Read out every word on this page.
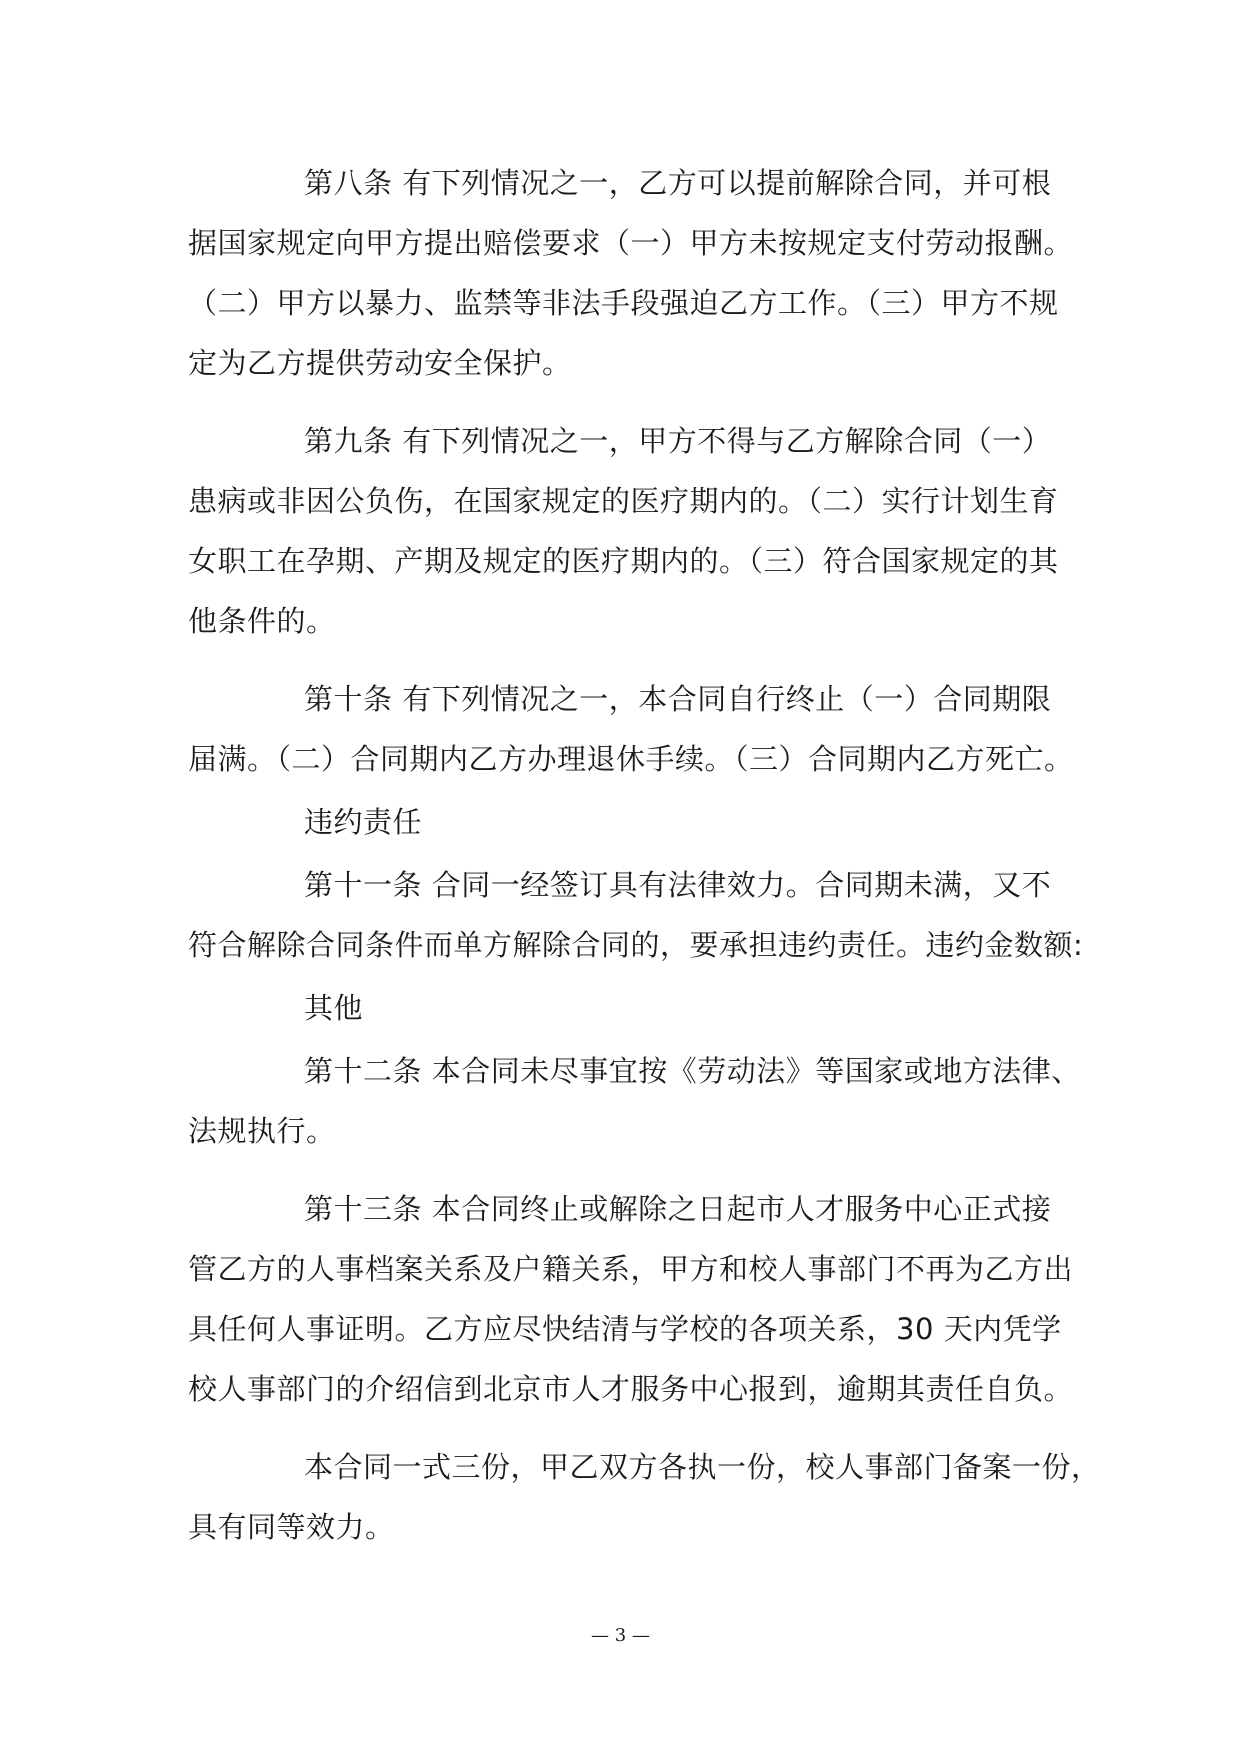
第八条 有下列情况之一，乙方可以提前解除合同，并可根
据国家规定向甲方提出赔偿要求（一）甲方未按规定支付劳动报酬。
（二）甲方以暴力、监禁等非法手段强迫乙方工作。（三）甲方不规
定为乙方提供劳动安全保护。
第九条 有下列情况之一，甲方不得与乙方解除合同（一）
患病或非因公负伤，在国家规定的医疗期内的。（二）实行计划生育
女职工在孕期、产期及规定的医疗期内的。（三）符合国家规定的其
他条件的。
第十条 有下列情况之一，本合同自行终止（一）合同期限
届满。（二）合同期内乙方办理退休手续。（三）合同期内乙方死亡。
违约责任
第十一条 合同一经签订具有法律效力。合同期未满，又不
符合解除合同条件而单方解除合同的，要承担违约责任。违约金数额:
其他
第十二条 本合同未尽事宜按《劳动法》等国家或地方法律、
法规执行。
第十三条 本合同终止或解除之日起市人才服务中心正式接
管乙方的人事档案关系及户籍关系，甲方和校人事部门不再为乙方出
具任何人事证明。乙方应尽快结清与学校的各项关系，30 天内凭学
校人事部门的介绍信到北京市人才服务中心报到，逾期其责任自负。
本合同一式三份，甲乙双方各执一份，校人事部门备案一份，
具有同等效力。
— 3 —
